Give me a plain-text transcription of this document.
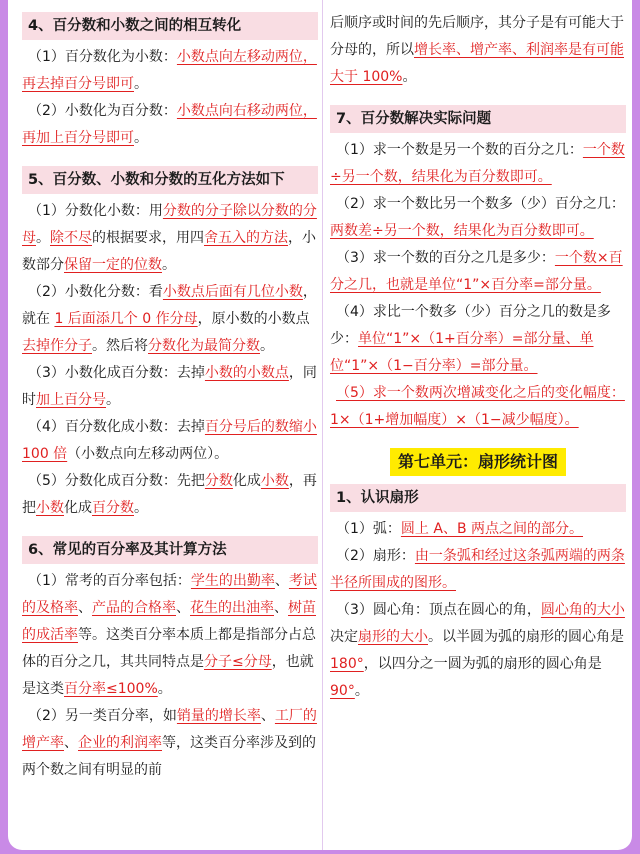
4、百分数和小数之间的相互转化

（1）百分数化为小数：小数点向左移动两位，再去掉百分号即可。

（2）小数化为百分数：小数点向右移动两位，再加上百分号即可。

5、百分数、小数和分数的互化方法如下

（1）分数化小数：用分数的分子除以分数的分母。除不尽的根据要求，用四舍五入的方法，小数部分保留一定的位数。

（2）小数化分数：看小数点后面有几位小数，就在 1 后面添几个 0 作分母，原小数的小数点去掉作分子。然后将分数化为最简分数。

（3）小数化成百分数：去掉小数的小数点，同时加上百分号。

（4）百分数化成小数：去掉百分号后的数缩小 100 倍（小数点向左移动两位）。

（5）分数化成百分数：先把分数化成小数，再把小数化成百分数。

6、常见的百分率及其计算方法

（1）常考的百分率包括：学生的出勤率、考试的及格率、产品的合格率、花生的出油率、树苗的成活率等。这类百分率本质上都是指部分占总体的百分之几，其共同特点是分子≤分母，也就是这类百分率≤100%。

（2）另一类百分率，如销量的增长率、工厂的增产率、企业的利润率等，这类百分率涉及到的两个数之间有明显的前

后顺序或时间的先后顺序，其分子是有可能大于分母的，所以增长率、增产率、利润率是有可能大于 100%。

7、百分数解决实际问题

（1）求一个数是另一个数的百分之几：一个数÷另一个数，结果化为百分数即可。

（2）求一个数比另一个数多（少）百分之几：两数差÷另一个数，结果化为百分数即可。

（3）求一个数的百分之几是多少：一个数×百分之几，也就是单位“1”×百分率=部分量。

（4）求比一个数多（少）百分之几的数是多少：单位“1”×（1+百分率）=部分量、单位“1”×（1−百分率）=部分量。

（5）求一个数两次增减变化之后的变化幅度：1×（1+增加幅度）×（1−减少幅度）。

第七单元：扇形统计图
1、认识扇形

（1）弧：圆上 A、B 两点之间的部分。

（2）扇形：由一条弧和经过这条弧两端的两条半径所围成的图形。

（3）圆心角：顶点在圆心的角，圆心角的大小决定扇形的大小。以半圆为弧的扇形的圆心角是 180°，以四分之一圆为弧的扇形的圆心角是 90°。
